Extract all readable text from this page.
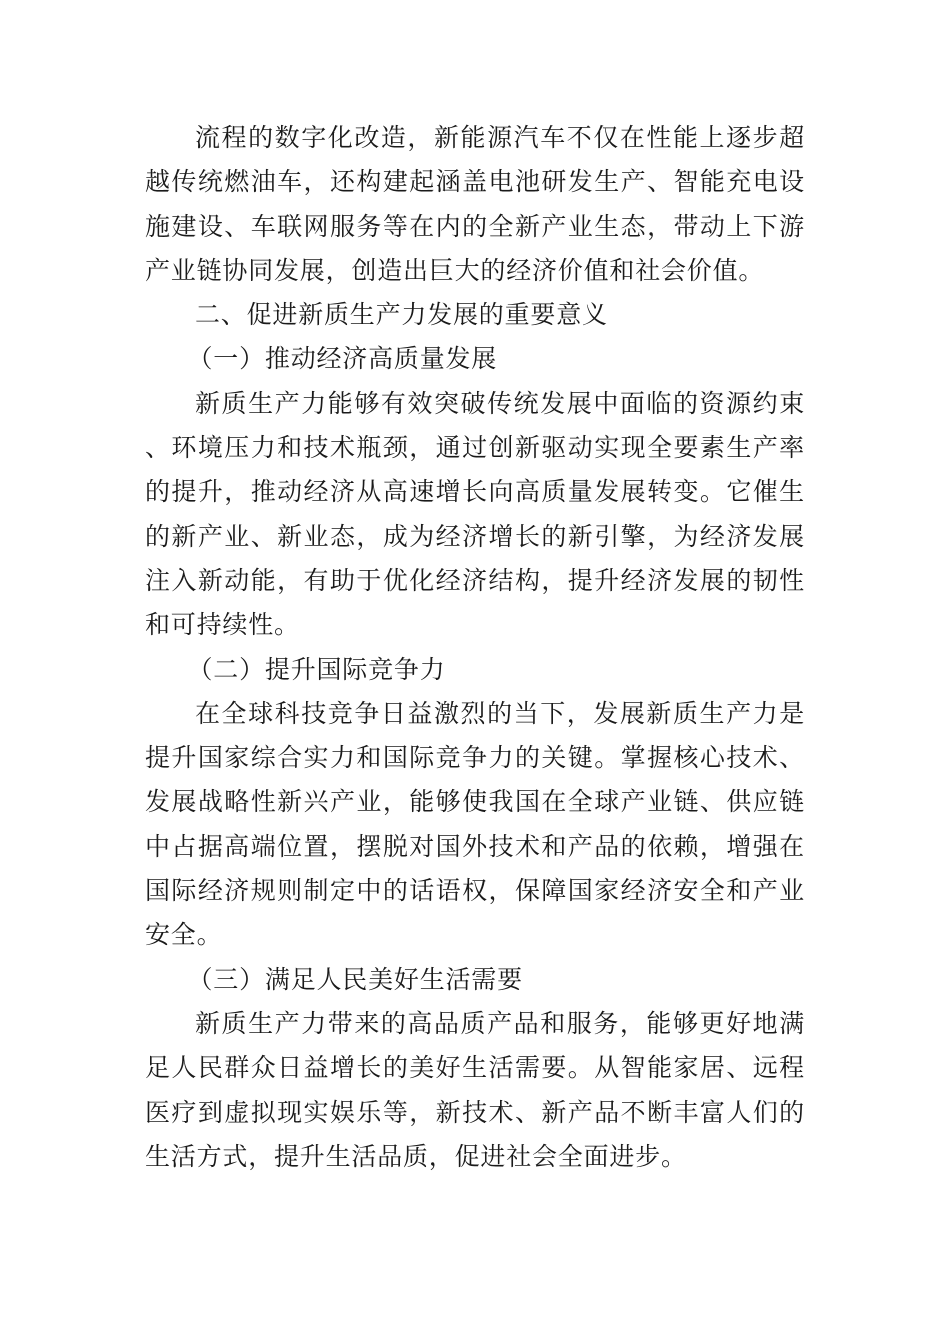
流程的数字化改造，新能源汽车不仅在性能上逐步超越传统燃油车，还构建起涵盖电池研发生产、智能充电设施建设、车联网服务等在内的全新产业生态，带动上下游产业链协同发展，创造出巨大的经济价值和社会价值。

二、促进新质生产力发展的重要意义

（一）推动经济高质量发展

新质生产力能够有效突破传统发展中面临的资源约束、环境压力和技术瓶颈，通过创新驱动实现全要素生产率的提升，推动经济从高速增长向高质量发展转变。它催生的新产业、新业态，成为经济增长的新引擎，为经济发展注入新动能，有助于优化经济结构，提升经济发展的韧性和可持续性。

（二）提升国际竞争力

在全球科技竞争日益激烈的当下，发展新质生产力是提升国家综合实力和国际竞争力的关键。掌握核心技术、发展战略性新兴产业，能够使我国在全球产业链、供应链中占据高端位置，摆脱对国外技术和产品的依赖，增强在国际经济规则制定中的话语权，保障国家经济安全和产业安全。

（三）满足人民美好生活需要

新质生产力带来的高品质产品和服务，能够更好地满足人民群众日益增长的美好生活需要。从智能家居、远程医疗到虚拟现实娱乐等，新技术、新产品不断丰富人们的生活方式，提升生活品质，促进社会全面进步。
